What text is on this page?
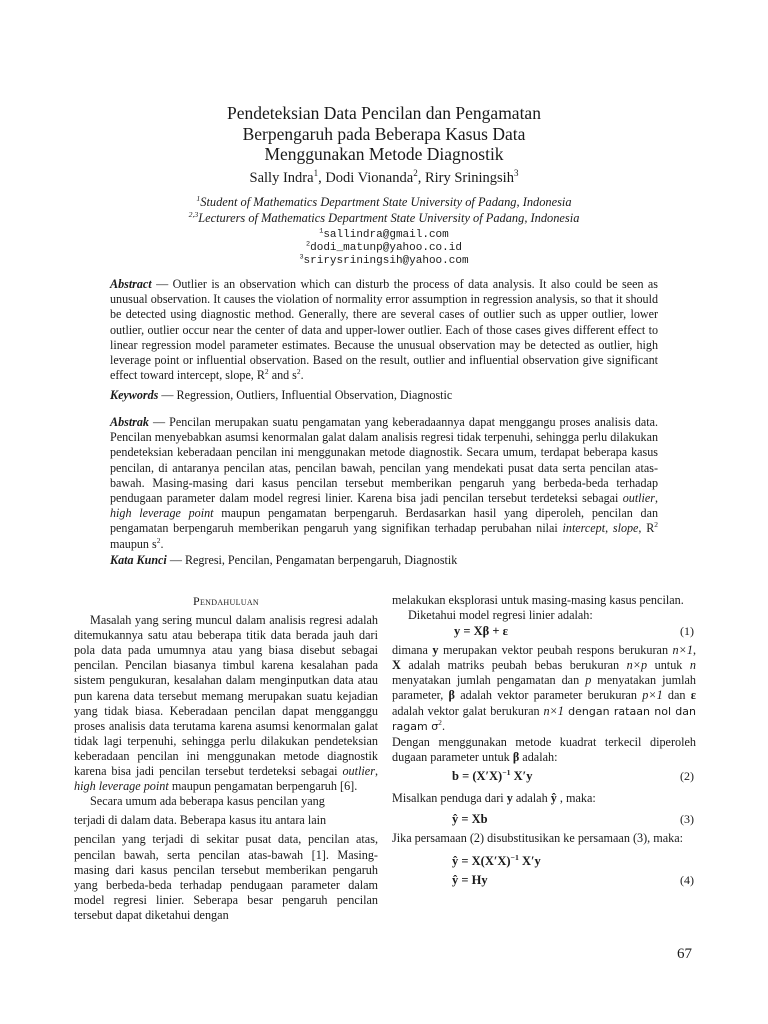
Pendeteksian Data Pencilan dan Pengamatan
Berpengaruh pada Beberapa Kasus Data
Menggunakan Metode Diagnostik
Sally Indra$^1$, Dodi Vionanda$^2$, Riry Sriningsih$^3$
$^1$Student of Mathematics Department State University of Padang, Indonesia
$^{2,3}$Lecturers of Mathematics Department State University of Padang, Indonesia
$^1$sallindra@gmail.com
$^2$dodi_matunp@yahoo.co.id
$^3$srirysriningsih@yahoo.com
Abstract — Outlier is an observation which can disturb the process of data analysis. It also could be seen as unusual observation. It causes the violation of normality error assumption in regression analysis, so that it should be detected using diagnostic method. Generally, there are several cases of outlier such as upper outlier, lower outlier, outlier occur near the center of data and upper-lower outlier. Each of those cases gives different effect to linear regression model parameter estimates. Because the unusual observation may be detected as outlier, high leverage point or influential observation. Based on the result, outlier and influential observation give significant effect toward intercept, slope, $R^2$ and $s^2$.
Keywords — Regression, Outliers, Influential Observation, Diagnostic
Abstrak — Pencilan merupakan suatu pengamatan yang keberadaannya dapat menggangu proses analisis data. Pencilan menyebabkan asumsi kenormalan galat dalam analisis regresi tidak terpenuhi, sehingga perlu dilakukan pendeteksian keberadaan pencilan ini menggunakan metode diagnostik. Secara umum, terdapat beberapa kasus pencilan, di antaranya pencilan atas, pencilan bawah, pencilan yang mendekati pusat data serta pencilan atas-bawah. Masing-masing dari kasus pencilan tersebut memberikan pengaruh yang berbeda-beda terhadap pendugaan parameter dalam model regresi linier. Karena bisa jadi pencilan tersebut terdeteksi sebagai outlier, high leverage point maupun pengamatan berpengaruh. Berdasarkan hasil yang diperoleh, pencilan dan pengamatan berpengaruh memberikan pengaruh yang signifikan terhadap perubahan nilai intercept, slope, $R^2$ maupun $s^2$.
Kata Kunci — Regresi, Pencilan, Pengamatan berpengaruh, Diagnostik
Pendahuluan

Masalah yang sering muncul dalam analisis regresi adalah ditemukannya satu atau beberapa titik data berada jauh dari pola data pada umumnya atau yang biasa disebut sebagai pencilan. Pencilan biasanya timbul karena kesalahan pada sistem pengukuran, kesalahan dalam menginputkan data atau pun karena data tersebut memang merupakan suatu kejadian yang tidak biasa. Keberadaan pencilan dapat mengganggu proses analisis data terutama karena asumsi kenormalan galat tidak lagi terpenuhi, sehingga perlu dilakukan pendeteksian keberadaan pencilan ini menggunakan metode diagnostik karena bisa jadi pencilan tersebut terdeteksi sebagai outlier, high leverage point maupun pengamatan berpengaruh [6].

Secara umum ada beberapa kasus pencilan yang

terjadi di dalam data. Beberapa kasus itu antara lain

pencilan yang terjadi di sekitar pusat data, pencilan atas, pencilan bawah, serta pencilan atas-bawah [1]. Masing-masing dari kasus pencilan tersebut memberikan pengaruh yang berbeda-beda terhadap pendugaan parameter dalam model regresi linier. Seberapa besar pengaruh pencilan tersebut dapat diketahui dengan

melakukan eksplorasi untuk masing-masing kasus pencilan.

Diketahui model regresi linier adalah:

y = Xβ + ε	(1)

dimana y merupakan vektor peubah respons berukuran n×1, X adalah matriks peubah bebas berukuran n×p untuk n menyatakan jumlah pengamatan dan p menyatakan jumlah parameter, β adalah vektor parameter berukuran p×1 dan ε adalah vektor galat berukuran n×1 dengan rataan nol dan ragam $\sigma^2$.

Dengan menggunakan metode kuadrat terkecil diperoleh dugaan parameter untuk β adalah:

$b = (X'X)^{-1}$ X′y	(2)

Misalkan penduga dari y adalah ŷ , maka:

ŷ = Xb	(3)

Jika persamaan (2) disubstitusikan ke persamaan (3), maka:

ŷ = $X(X'X)^{-1}$ X′y
ŷ = Hy	(4)
67
